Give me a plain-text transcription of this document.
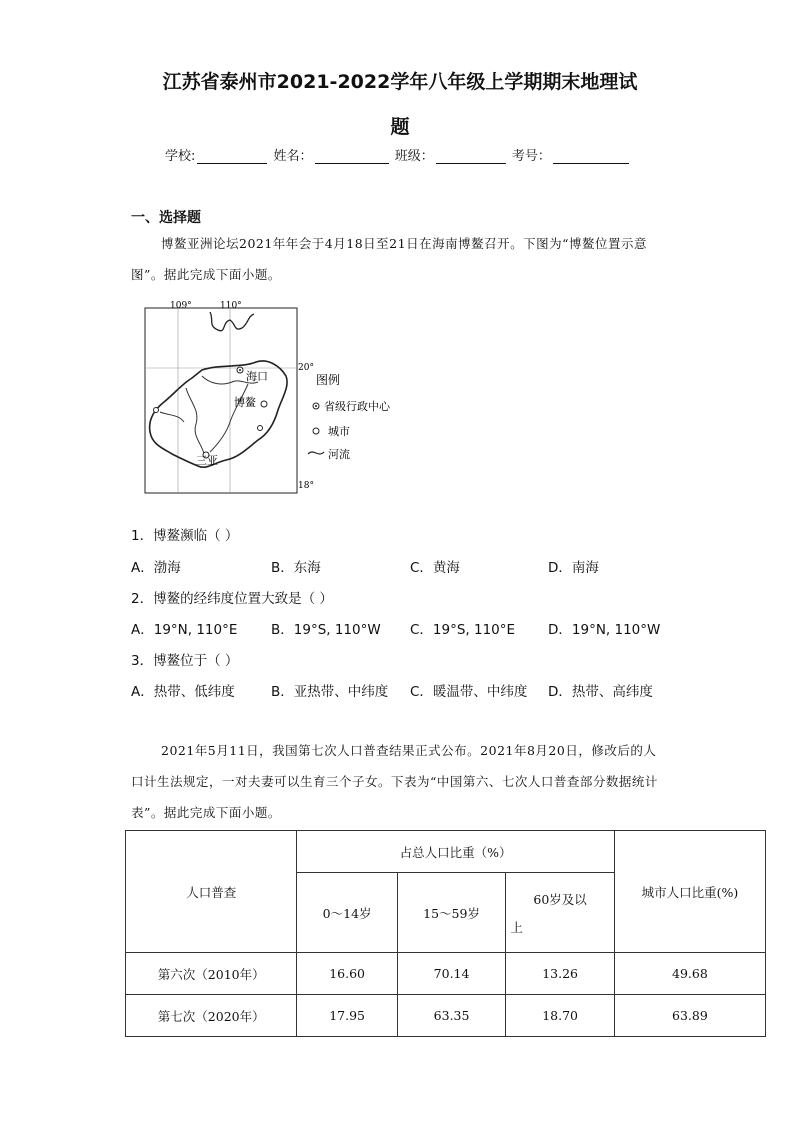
江苏省泰州市2021-2022学年八年级上学期期末地理试
题
学校:	姓名：	班级：	考号：
一、选择题
博鳌亚洲论坛2021年年会于4月18日至21日在海南博鳌召开。下图为“博鳌位置示意图”。据此完成下面小题。
109°	110°
20°
18°
海口
博鳌
三亚
图例
省级行政中心
城市
河流
1．博鳌濒临（ ）
A．渤海	B．东海	C．黄海	D．南海
2．博鳌的经纬度位置大致是（ ）
A．19°N, 110°E B．19°S, 110°W C．19°S, 110°E D．19°N, 110°W
3．博鳌位于（ ）
A．热带、低纬度	B．亚热带、中纬度 C．暖温带、中纬度 D．热带、高纬度
2021年5月11日，我国第七次人口普查结果正式公布。2021年8月20日，修改后的人口计生法规定，一对夫妻可以生育三个子女。下表为“中国第六、七次人口普查部分数据统计表”。据此完成下面小题。
人口普查	占总人口比重（%）			城市人口比重(%)
	0～14岁	15～59岁	60岁及以
上	

第六次（2010年）	16.60	70.14	13.26	49.68
第七次（2020年）	17.95	63.35	18.70	63.89
